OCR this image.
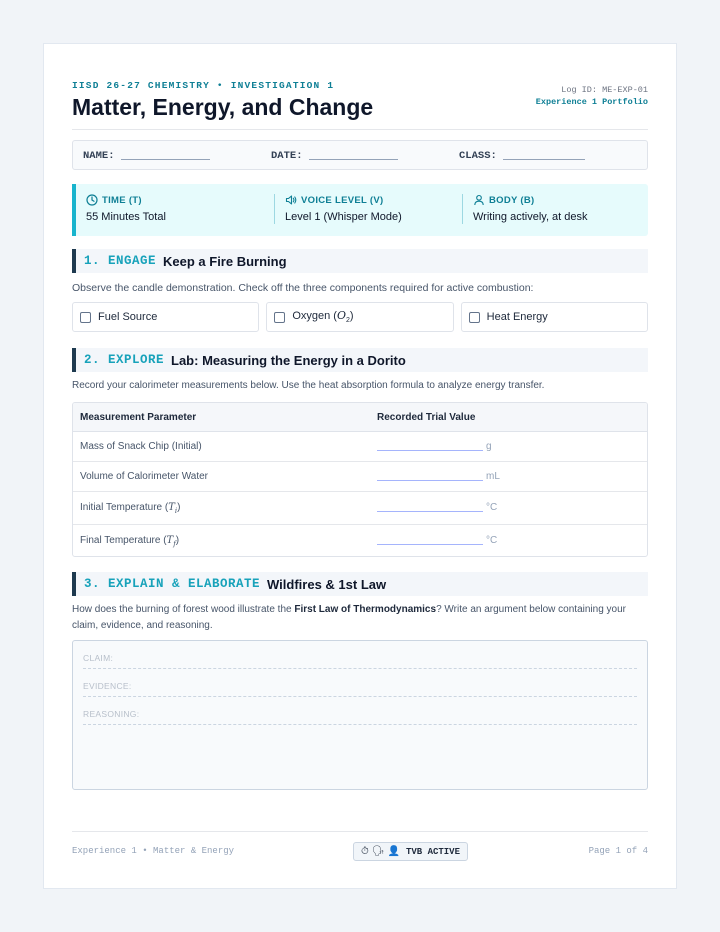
IISD 26-27 CHEMISTRY • INVESTIGATION 1
Matter, Energy, and Change
Log ID: ME-EXP-01
Experience 1 Portfolio
NAME:	DATE:	CLASS:
TIME (T)
55 Minutes Total
VOICE LEVEL (V)
Level 1 (Whisper Mode)
BODY (B)
Writing actively, at desk
1. ENGAGE Keep a Fire Burning
Observe the candle demonstration. Check off the three components required for active combustion:
Fuel Source	Oxygen $(O_2)$	Heat Energy
2. EXPLORE Lab: Measuring the Energy in a Dorito
Record your calorimeter measurements below. Use the heat absorption formula to analyze energy transfer.
Measurement Parameter	Recorded Trial Value
Mass of Snack Chip (Initial)	g
Volume of Calorimeter Water	mL
Initial Temperature $(T_i)$	°C
Final Temperature $(T_f)$	°C
3. EXPLAIN & ELABORATE Wildfires & 1st Law
How does the burning of forest wood illustrate the First Law of Thermodynamics? Write an argument below containing your claim, evidence, and reasoning.
CLAIM:
EVIDENCE:
REASONING:
Experience 1 • Matter & Energy	⏱ 🗣 👤 TVB ACTIVE	Page 1 of 4
